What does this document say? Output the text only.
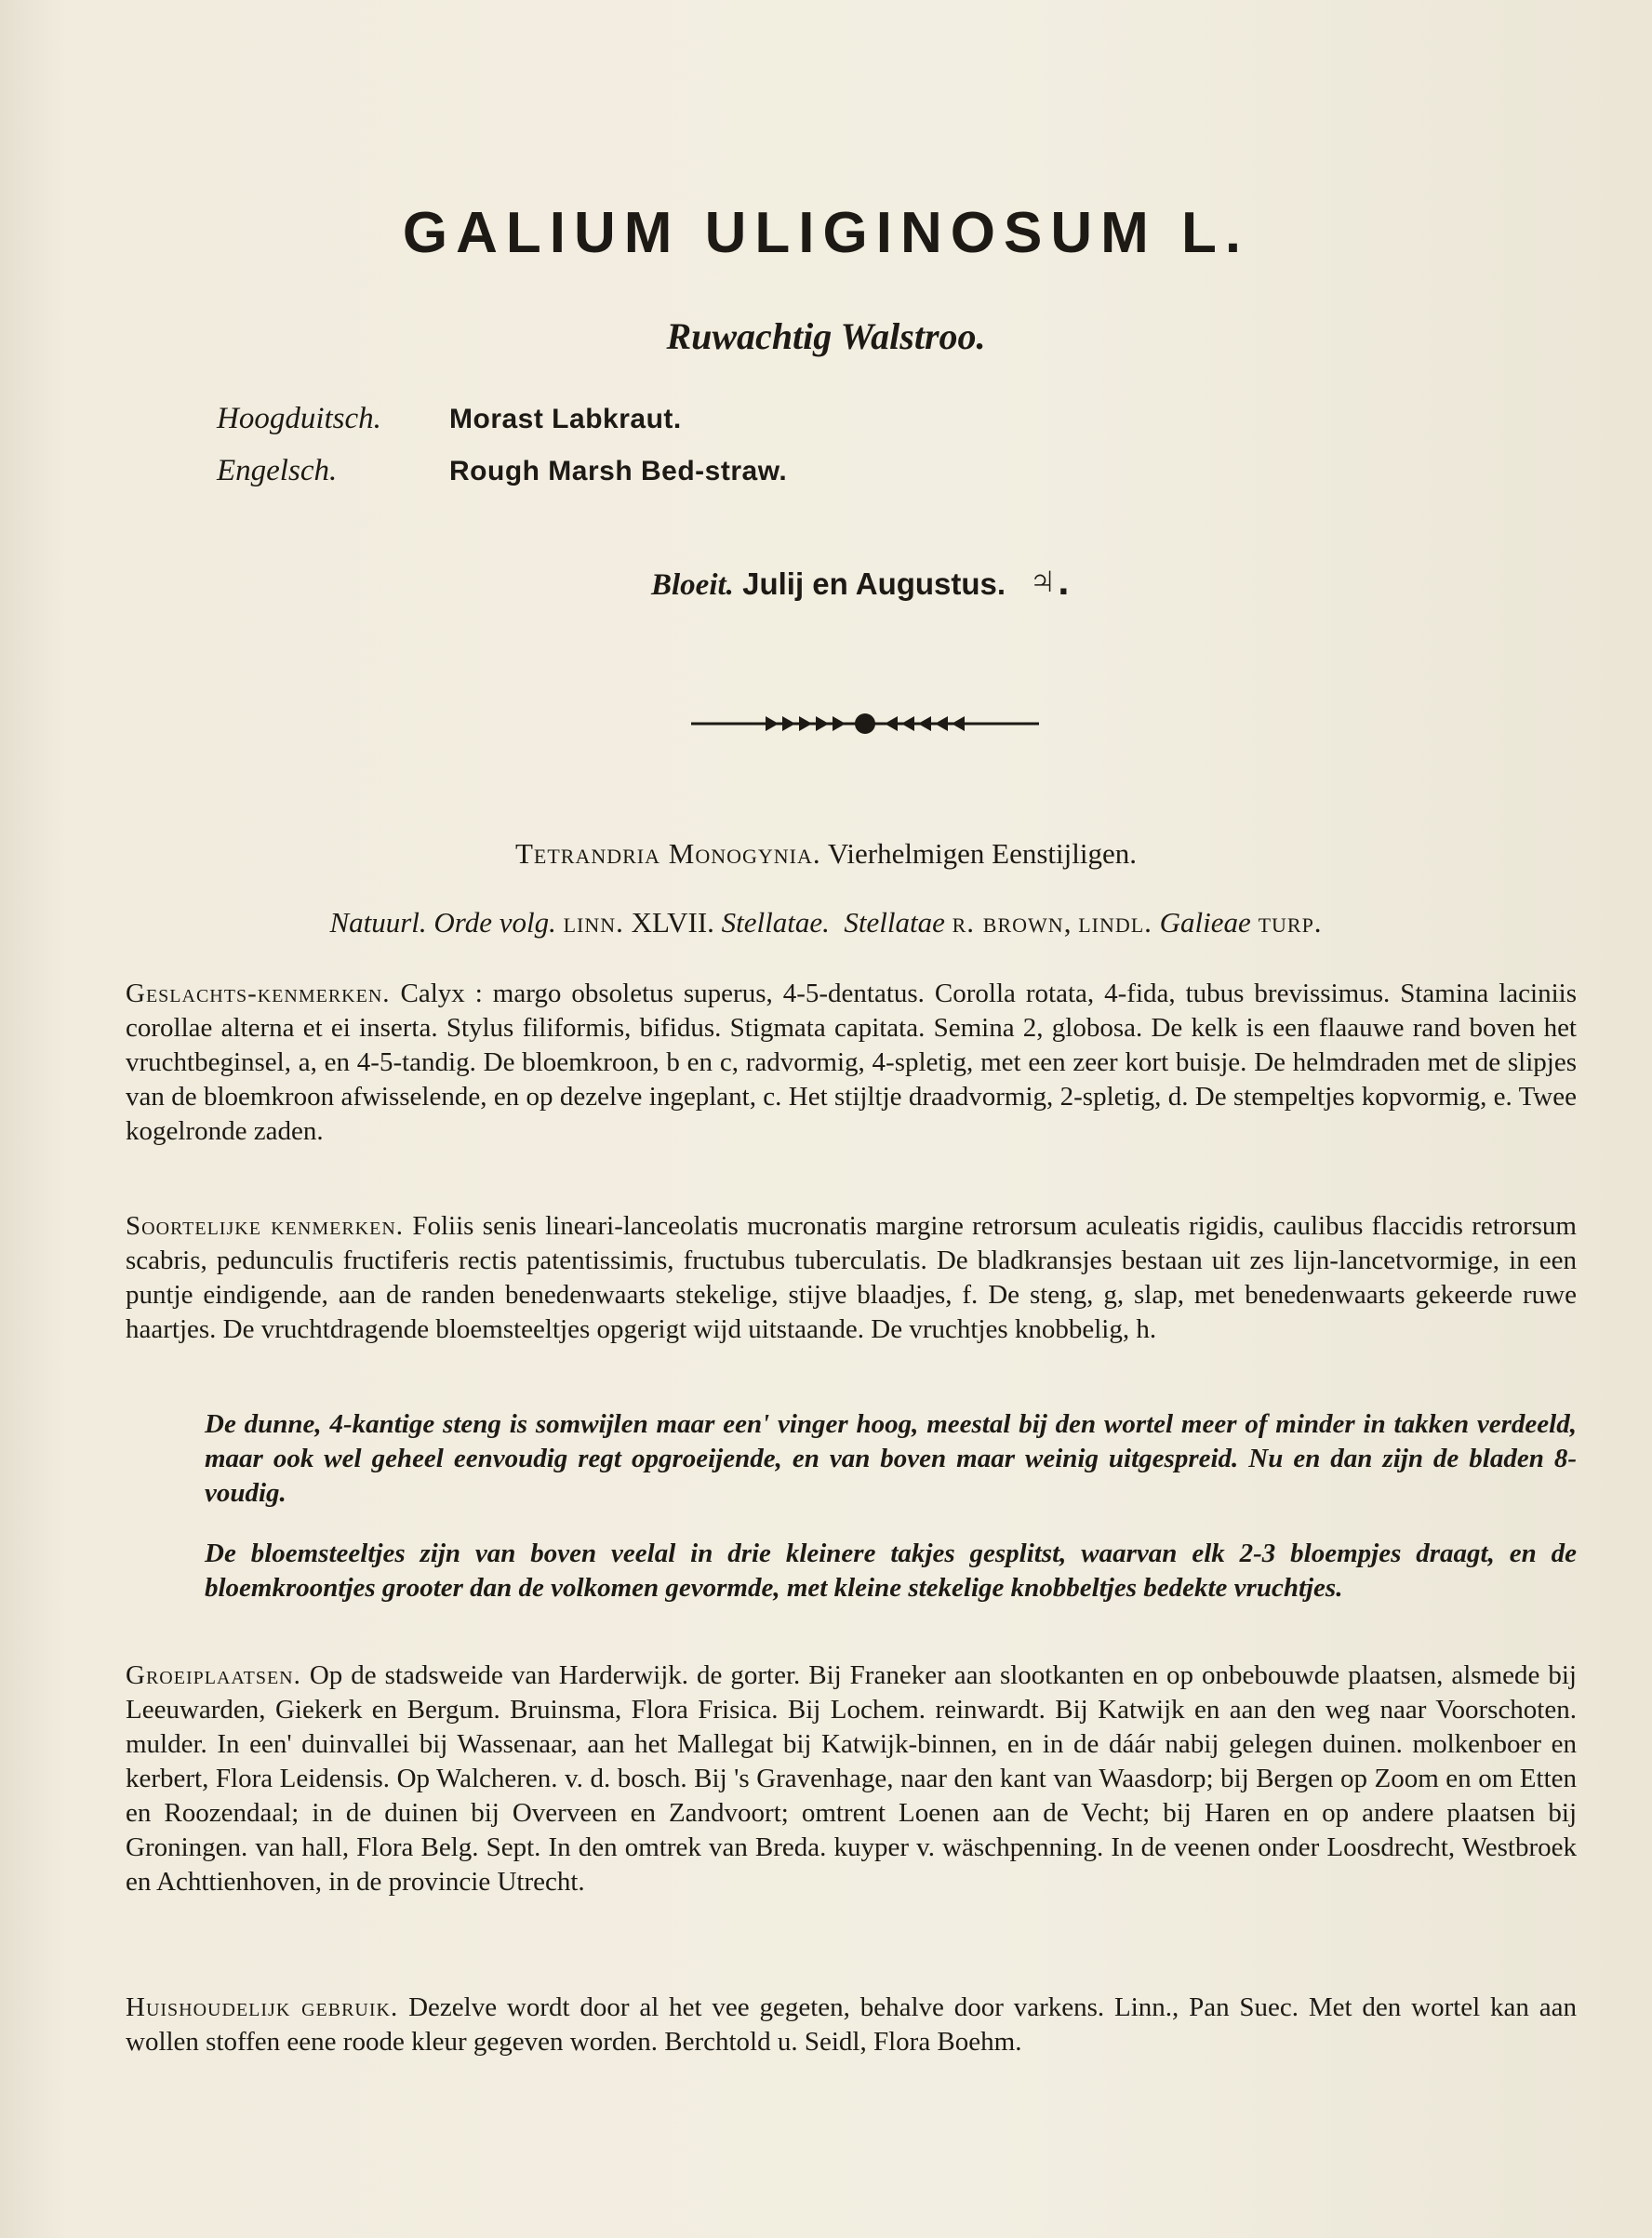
GALIUM ULIGINOSUM L.
Ruwachtig Walstroo.
Hoogduitsch.	Morast Labkraut.
Engelsch.	Rough Marsh Bed-straw.
Bloeit. Julij en Augustus. ♃.
Tetrandria Monogynia. Vierhelmigen Eenstijligen.
Natuurl. Orde volg. linn. XLVII. Stellatae. Stellatae r. brown, lindl. Galieae turp.

Geslachts-kenmerken. Calyx : margo obsoletus superus, 4-5-dentatus. Corolla rotata, 4-fida, tubus brevissimus. Stamina laciniis corollae alterna et ei inserta. Stylus filiformis, bifidus. Stigmata capitata. Semina 2, globosa. De kelk is een flaauwe rand boven het vruchtbeginsel, a, en 4-5-tandig. De bloemkroon, b en c, radvormig, 4-spletig, met een zeer kort buisje. De helmdraden met de slipjes van de bloemkroon afwisselende, en op dezelve ingeplant, c. Het stijltje draadvormig, 2-spletig, d. De stempeltjes kopvormig, e. Twee kogelronde zaden.

Soortelijke kenmerken. Foliis senis lineari-lanceolatis mucronatis margine retrorsum aculeatis rigidis, caulibus flaccidis retrorsum scabris, pedunculis fructiferis rectis patentissimis, fructubus tuberculatis. De bladkransjes bestaan uit zes lijn-lancetvormige, in een puntje eindigende, aan de randen benedenwaarts stekelige, stijve blaadjes, f. De steng, g, slap, met benedenwaarts gekeerde ruwe haartjes. De vruchtdragende bloemsteeltjes opgerigt wijd uitstaande. De vruchtjes knobbelig, h.

De dunne, 4-kantige steng is somwijlen maar een' vinger hoog, meestal bij den wortel meer of minder in takken verdeeld, maar ook wel geheel eenvoudig regt opgroeijende, en van boven maar weinig uitgespreid. Nu en dan zijn de bladen 8-voudig.

De bloemsteeltjes zijn van boven veelal in drie kleinere takjes gesplitst, waarvan elk 2-3 bloempjes draagt, en de bloemkroontjes grooter dan de volkomen gevormde, met kleine stekelige knobbeltjes bedekte vruchtjes.

Groeiplaatsen. Op de stadsweide van Harderwijk. de gorter. Bij Franeker aan slootkanten en op onbebouwde plaatsen, alsmede bij Leeuwarden, Giekerk en Bergum. Bruinsma, Flora Frisica. Bij Lochem. reinwardt. Bij Katwijk en aan den weg naar Voorschoten. mulder. In een' duinvallei bij Wassenaar, aan het Mallegat bij Katwijk-binnen, en in de dáár nabij gelegen duinen. molkenboer en kerbert, Flora Leidensis. Op Walcheren. v. d. bosch. Bij 's Gravenhage, naar den kant van Waasdorp; bij Bergen op Zoom en om Etten en Roozendaal; in de duinen bij Overveen en Zandvoort; omtrent Loenen aan de Vecht; bij Haren en op andere plaatsen bij Groningen. van hall, Flora Belg. Sept. In den omtrek van Breda. kuyper v. wäschpenning. In de veenen onder Loosdrecht, Westbroek en Achttienhoven, in de provincie Utrecht.

Huishoudelijk gebruik. Dezelve wordt door al het vee gegeten, behalve door varkens. Linn., Pan Suec. Met den wortel kan aan wollen stoffen eene roode kleur gegeven worden. Berchtold u. Seidl, Flora Boehm.
